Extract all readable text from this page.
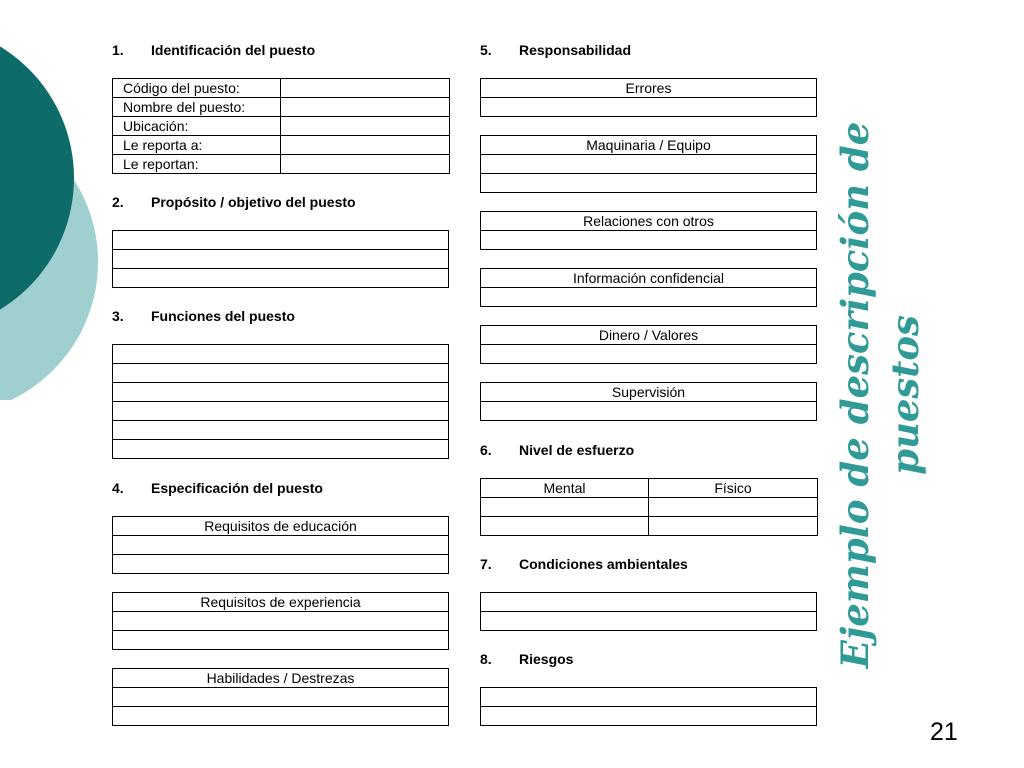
1. Identificación del puesto
Código del puesto:	
Nombre del puesto:	
Ubicación:	
Le reporta a:	
Le reportan:	
2. Propósito / objetivo del puesto

3. Funciones del puesto

4. Especificación del puesto
Requisitos de educación

Requisitos de experiencia

Habilidades / Destrezas

5. Responsabilidad
Errores

Maquinaria / Equipo

Relaciones con otros

Información confidencial

Dinero / Valores

Supervisión

6. Nivel de esfuerzo
Mental	Físico

7. Condiciones ambientales

8. Riesgos	Ejemplo de descripción de puestos
21
